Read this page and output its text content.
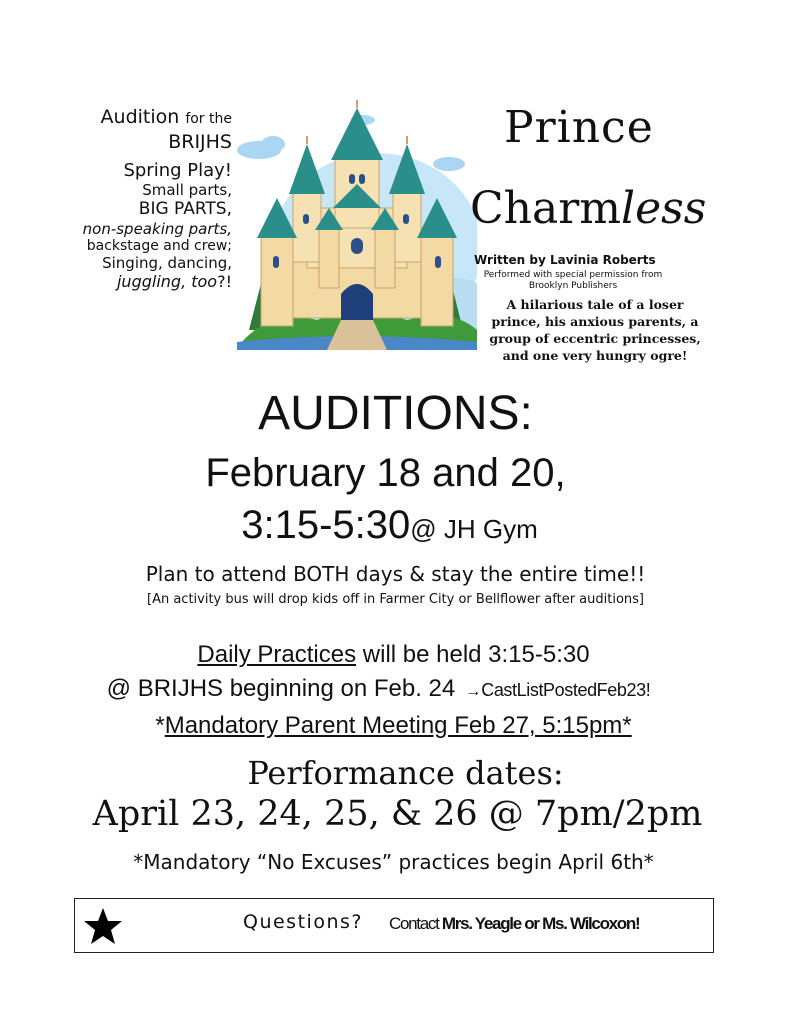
Audition for the
BRIJHS
Spring Play!
Small parts,
BIG PARTS,
non-speaking parts,
backstage and crew;
Singing, dancing,
juggling, too?!
Prince
Charmless
Written by Lavinia Roberts
Performed with special permission from
Brooklyn Publishers
A hilarious tale of a loser prince, his anxious parents, a group of eccentric princesses, and one very hungry ogre!
AUDITIONS:
February 18 and 20,
3:15-5:30@ JH Gym
Plan to attend BOTH days & stay the entire time!!
[An activity bus will drop kids off in Farmer City or Bellflower after auditions]
Daily Practices will be held 3:15-5:30
@ BRIJHS beginning on Feb. 24 →CastListPostedFeb23!
*Mandatory Parent Meeting Feb 27, 5:15pm*
Performance dates:
April 23, 24, 25, & 26 @ 7pm/2pm
*Mandatory “No Excuses” practices begin April 6th*
Questions? Contact Mrs. Yeagle or Ms. Wilcoxon!
